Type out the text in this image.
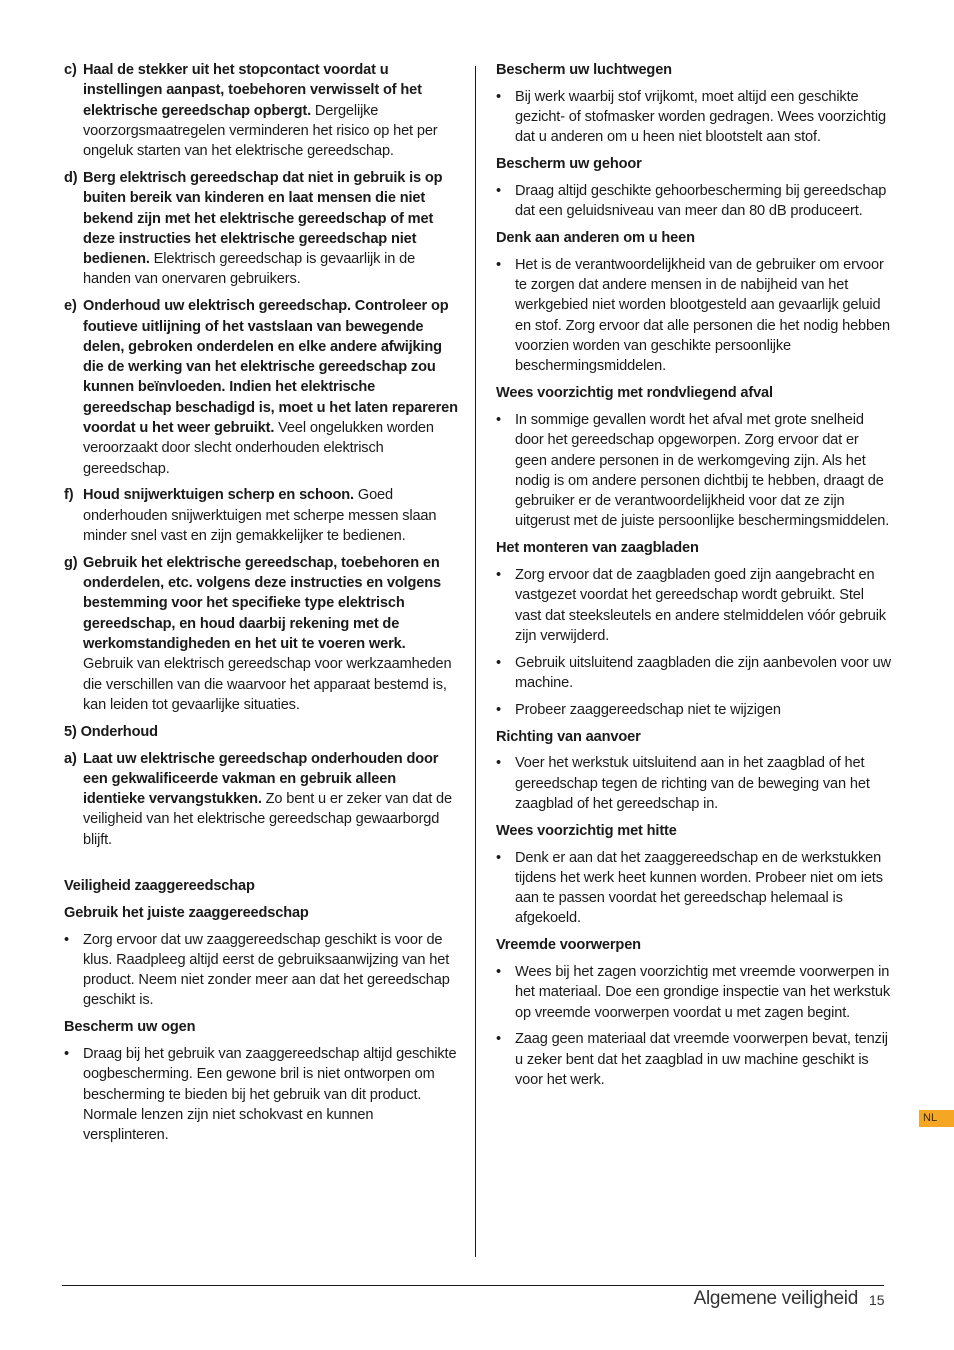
c) Haal de stekker uit het stopcontact voordat u instellingen aanpast, toebehoren verwisselt of het elektrische gereedschap opbergt. Dergelijke voorzorgsmaatregelen verminderen het risico op het per ongeluk starten van het elektrische gereedschap.
d) Berg elektrisch gereedschap dat niet in gebruik is op buiten bereik van kinderen en laat mensen die niet bekend zijn met het elektrische gereedschap of met deze instructies het elektrische gereedschap niet bedienen. Elektrisch gereedschap is gevaarlijk in de handen van onervaren gebruikers.
e) Onderhoud uw elektrisch gereedschap. Controleer op foutieve uitlijning of het vastslaan van bewegende delen, gebroken onderdelen en elke andere afwijking die de werking van het elektrische gereedschap zou kunnen beïnvloeden. Indien het elektrische gereedschap beschadigd is, moet u het laten repareren voordat u het weer gebruikt. Veel ongelukken worden veroorzaakt door slecht onderhouden elektrisch gereedschap.
f) Houd snijwerktuigen scherp en schoon. Goed onderhouden snijwerktuigen met scherpe messen slaan minder snel vast en zijn gemakkelijker te bedienen.
g) Gebruik het elektrische gereedschap, toebehoren en onderdelen, etc. volgens deze instructies en volgens bestemming voor het specifieke type elektrisch gereedschap, en houd daarbij rekening met de werkomstandigheden en het uit te voeren werk. Gebruik van elektrisch gereedschap voor werkzaamheden die verschillen van die waarvoor het apparaat bestemd is, kan leiden tot gevaarlijke situaties.
5) Onderhoud
a) Laat uw elektrische gereedschap onderhouden door een gekwalificeerde vakman en gebruik alleen identieke vervangstukken. Zo bent u er zeker van dat de veiligheid van het elektrische gereedschap gewaarborgd blijft.
Veiligheid zaaggereedschap
Gebruik het juiste zaaggereedschap
• Zorg ervoor dat uw zaaggereedschap geschikt is voor de klus. Raadpleeg altijd eerst de gebruiksaanwijzing van het product. Neem niet zonder meer aan dat het gereedschap geschikt is.
Bescherm uw ogen
• Draag bij het gebruik van zaaggereedschap altijd geschikte oogbescherming. Een gewone bril is niet ontworpen om bescherming te bieden bij het gebruik van dit product. Normale lenzen zijn niet schokvast en kunnen versplinteren.
Bescherm uw luchtwegen
• Bij werk waarbij stof vrijkomt, moet altijd een geschikte gezicht- of stofmasker worden gedragen. Wees voorzichtig dat u anderen om u heen niet blootstelt aan stof.
Bescherm uw gehoor
• Draag altijd geschikte gehoorbescherming bij gereedschap dat een geluidsniveau van meer dan 80 dB produceert.
Denk aan anderen om u heen
• Het is de verantwoordelijkheid van de gebruiker om ervoor te zorgen dat andere mensen in de nabijheid van het werkgebied niet worden blootgesteld aan gevaarlijk geluid en stof. Zorg ervoor dat alle personen die het nodig hebben voorzien worden van geschikte persoonlijke beschermingsmiddelen.
Wees voorzichtig met rondvliegend afval
• In sommige gevallen wordt het afval met grote snelheid door het gereedschap opgeworpen. Zorg ervoor dat er geen andere personen in de werkomgeving zijn. Als het nodig is om andere personen dichtbij te hebben, draagt de gebruiker er de verantwoordelijkheid voor dat ze zijn uitgerust met de juiste persoonlijke beschermingsmiddelen.
Het monteren van zaagbladen
• Zorg ervoor dat de zaagbladen goed zijn aangebracht en vastgezet voordat het gereedschap wordt gebruikt. Stel vast dat steeksleutels en andere stelmiddelen vóór gebruik zijn verwijderd.
• Gebruik uitsluitend zaagbladen die zijn aanbevolen voor uw machine.
• Probeer zaaggereedschap niet te wijzigen
Richting van aanvoer
• Voer het werkstuk uitsluitend aan in het zaagblad of het gereedschap tegen de richting van de beweging van het zaagblad of het gereedschap in.
Wees voorzichtig met hitte
• Denk er aan dat het zaaggereedschap en de werkstukken tijdens het werk heet kunnen worden. Probeer niet om iets aan te passen voordat het gereedschap helemaal is afgekoeld.
Vreemde voorwerpen
• Wees bij het zagen voorzichtig met vreemde voorwerpen in het materiaal. Doe een grondige inspectie van het werkstuk op vreemde voorwerpen voordat u met zagen begint.
• Zaag geen materiaal dat vreemde voorwerpen bevat, tenzij u zeker bent dat het zaagblad in uw machine geschikt is voor het werk.
NL
Algemene veiligheid 15
